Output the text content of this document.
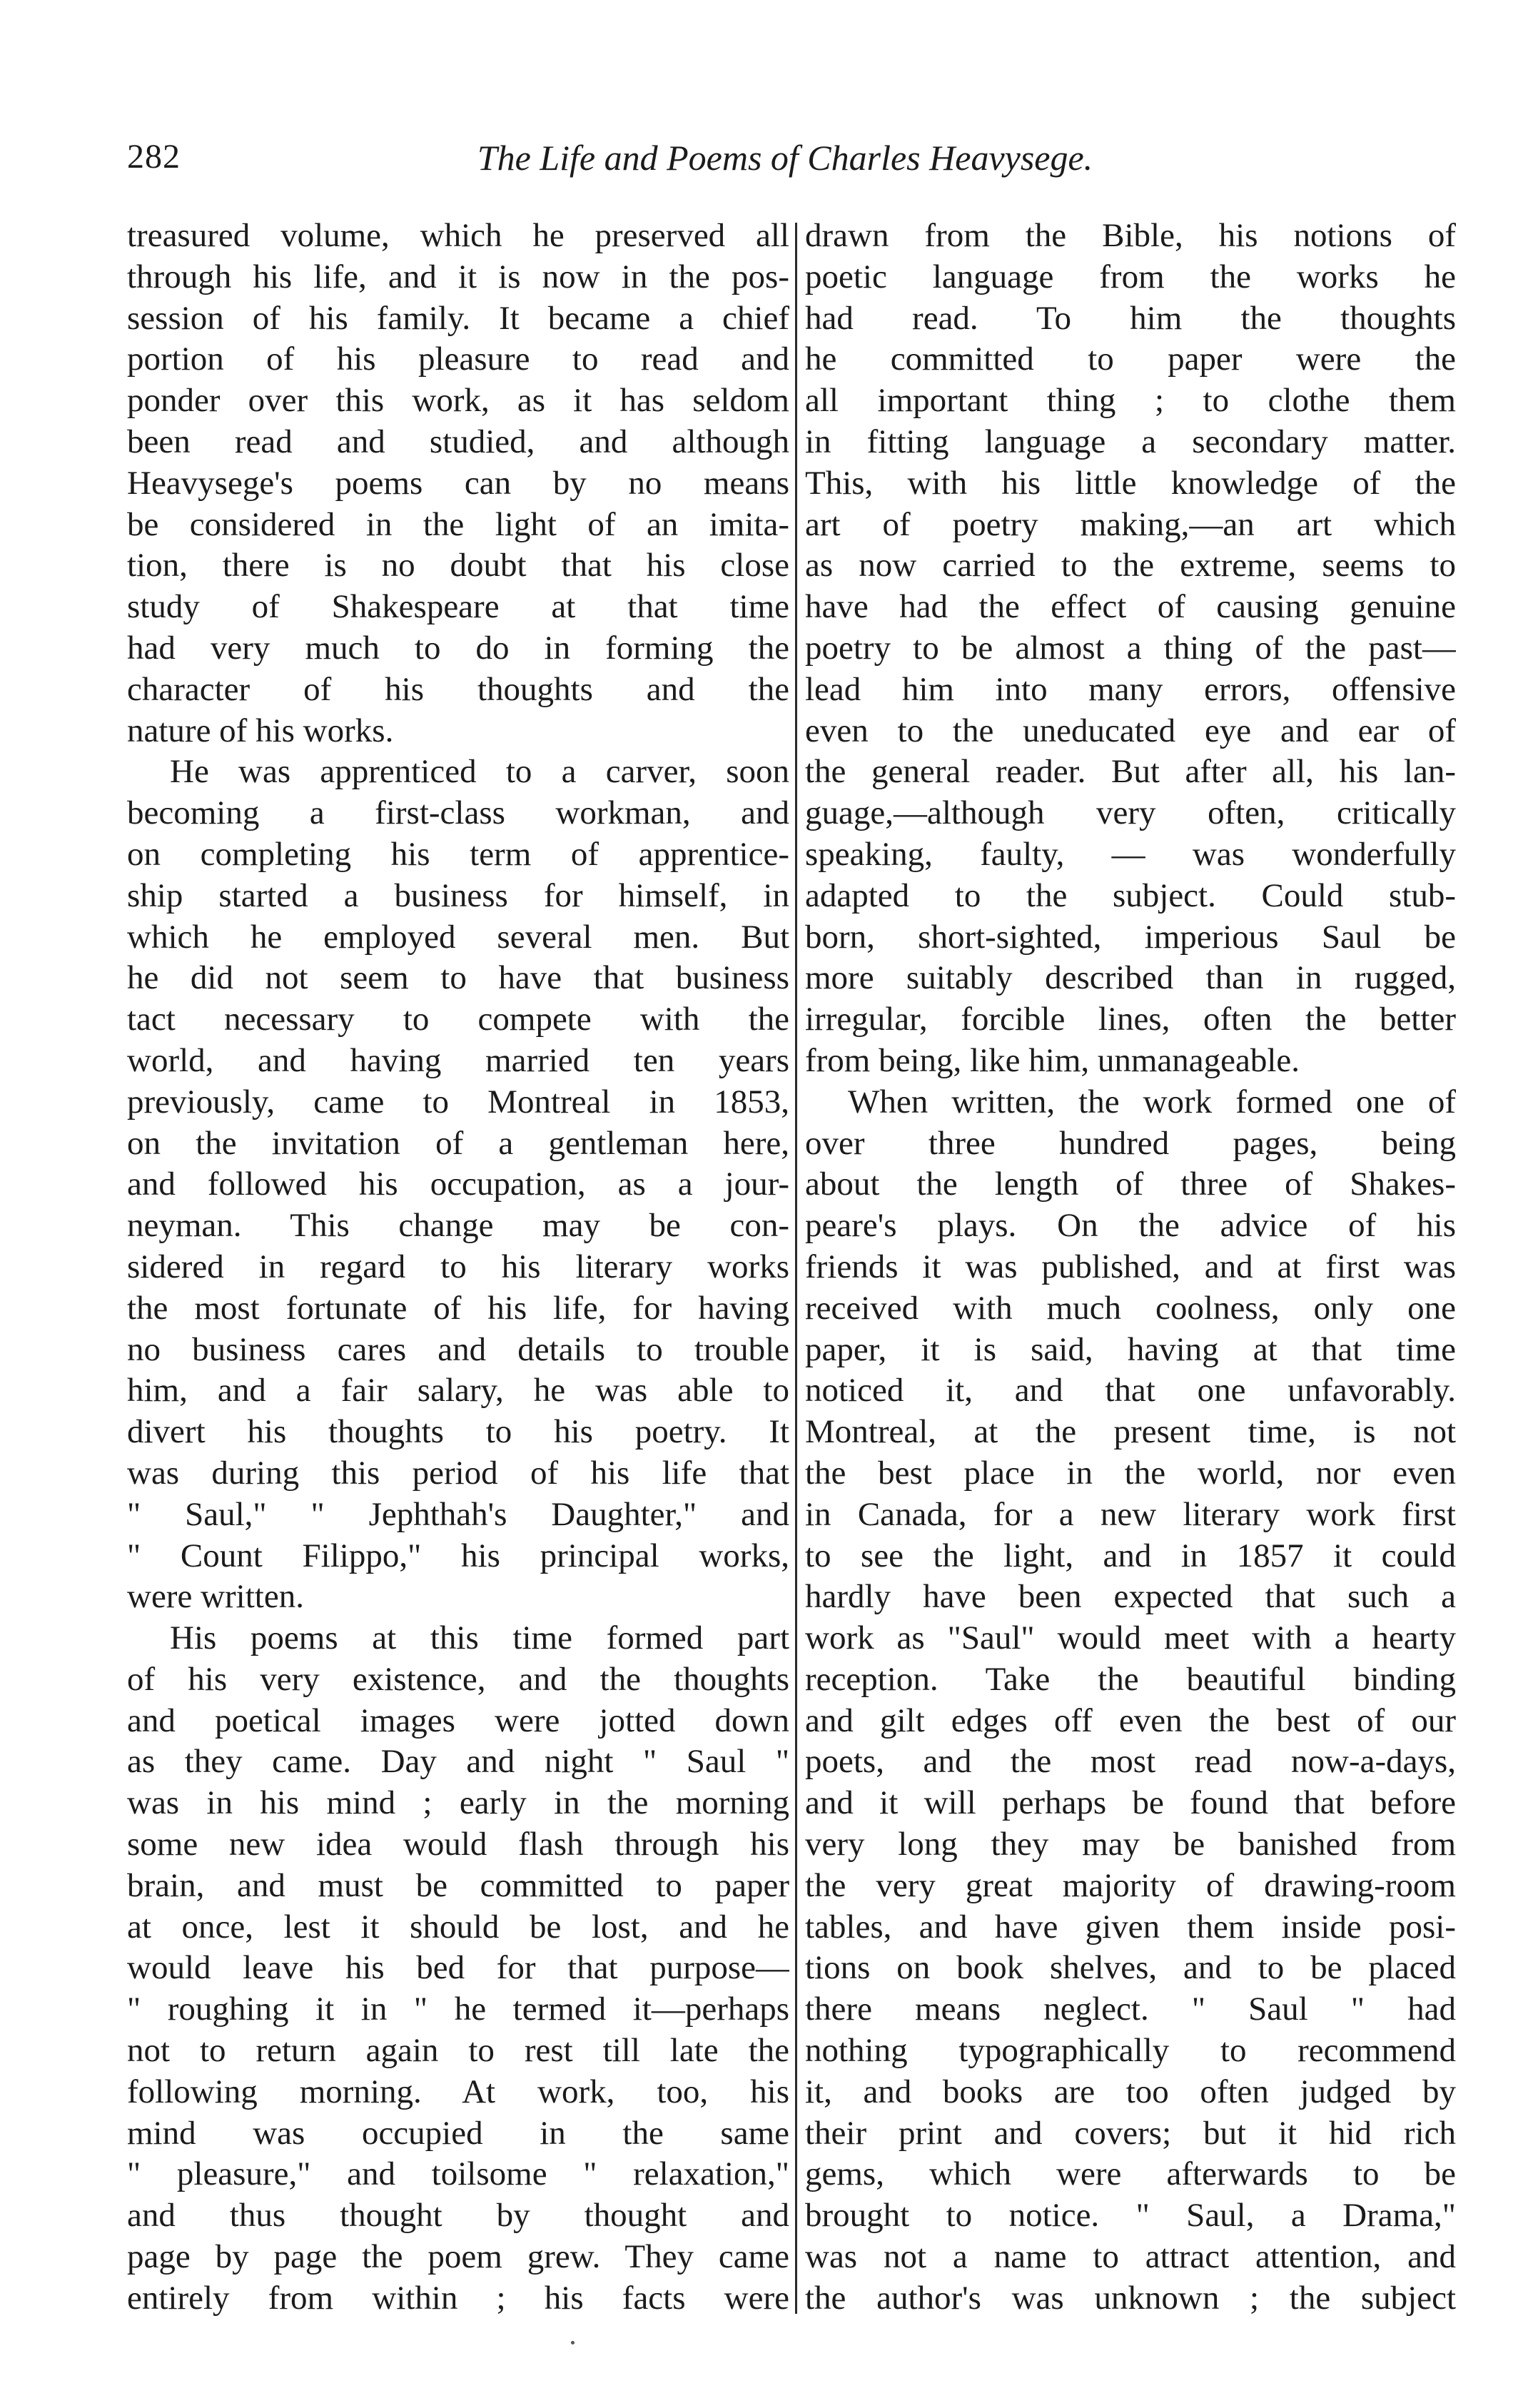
282	The Life and Poems of Charles Heavysege.
treasured volume, which he preserved all
through his life, and it is now in the pos-
session of his family. It became a chief
portion of his pleasure to read and
ponder over this work, as it has seldom
been read and studied, and although
Heavysege's poems can by no means
be considered in the light of an imita-
tion, there is no doubt that his close
study of Shakespeare at that time
had very much to do in forming the
character of his thoughts and the
nature of his works.
He was apprenticed to a carver, soon
becoming a first-class workman, and
on completing his term of apprentice-
ship started a business for himself, in
which he employed several men. But
he did not seem to have that business
tact necessary to compete with the
world, and having married ten years
previously, came to Montreal in 1853,
on the invitation of a gentleman here,
and followed his occupation, as a jour-
neyman. This change may be con-
sidered in regard to his literary works
the most fortunate of his life, for having
no business cares and details to trouble
him, and a fair salary, he was able to
divert his thoughts to his poetry. It
was during this period of his life that
" Saul," " Jephthah's Daughter," and
" Count Filippo," his principal works,
were written.
His poems at this time formed part
of his very existence, and the thoughts
and poetical images were jotted down
as they came. Day and night " Saul "
was in his mind ; early in the morning
some new idea would flash through his
brain, and must be committed to paper
at once, lest it should be lost, and he
would leave his bed for that purpose—
" roughing it in " he termed it—perhaps
not to return again to rest till late the
following morning. At work, too, his
mind was occupied in the same
" pleasure," and toilsome " relaxation,"
and thus thought by thought and
page by page the poem grew. They came
entirely from within ; his facts were
drawn from the Bible, his notions of
poetic language from the works he
had read. To him the thoughts
he committed to paper were the
all important thing ; to clothe them
in fitting language a secondary matter.
This, with his little knowledge of the
art of poetry making,—an art which
as now carried to the extreme, seems to
have had the effect of causing genuine
poetry to be almost a thing of the past—
lead him into many errors, offensive
even to the uneducated eye and ear of
the general reader. But after all, his lan-
guage,—although very often, critically
speaking, faulty, — was wonderfully
adapted to the subject. Could stub-
born, short-sighted, imperious Saul be
more suitably described than in rugged,
irregular, forcible lines, often the better
from being, like him, unmanageable.
When written, the work formed one of
over three hundred pages, being
about the length of three of Shakes-
peare's plays. On the advice of his
friends it was published, and at first was
received with much coolness, only one
paper, it is said, having at that time
noticed it, and that one unfavorably.
Montreal, at the present time, is not
the best place in the world, nor even
in Canada, for a new literary work first
to see the light, and in 1857 it could
hardly have been expected that such a
work as "Saul" would meet with a hearty
reception. Take the beautiful binding
and gilt edges off even the best of our
poets, and the most read now-a-days,
and it will perhaps be found that before
very long they may be banished from
the very great majority of drawing-room
tables, and have given them inside posi-
tions on book shelves, and to be placed
there means neglect. " Saul " had
nothing typographically to recommend
it, and books are too often judged by
their print and covers; but it hid rich
gems, which were afterwards to be
brought to notice. " Saul, a Drama,"
was not a name to attract attention, and
the author's was unknown ; the subject
